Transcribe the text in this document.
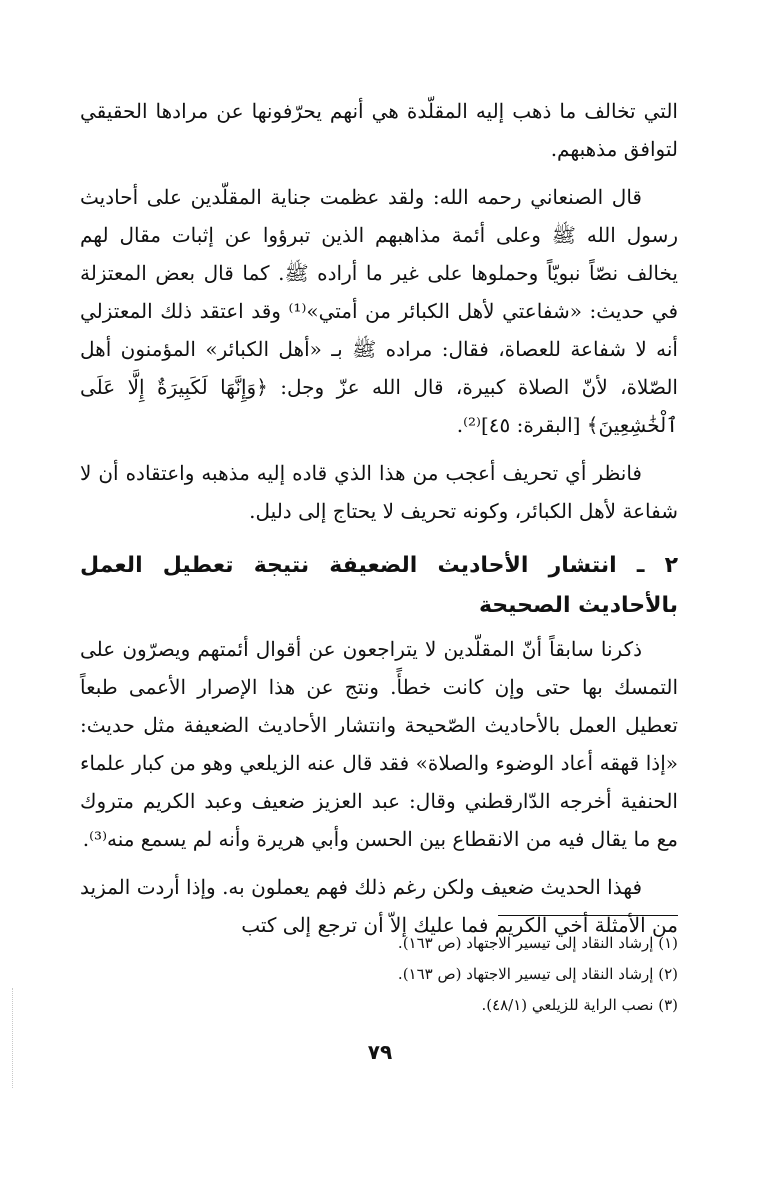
التي تخالف ما ذهب إليه المقلّدة هي أنهم يحرّفونها عن مرادها الحقيقي لتوافق مذهبهم.

قال الصنعاني رحمه الله: ولقد عظمت جناية المقلّدين على أحاديث رسول الله ﷺ وعلى أئمة مذاهبهم الذين تبرؤوا عن إثبات مقال لهم يخالف نصّاً نبويّاً وحملوها على غير ما أراده ﷺ. كما قال بعض المعتزلة في حديث: «شفاعتي لأهل الكبائر من أمتي»⁽¹⁾ وقد اعتقد ذلك المعتزلي أنه لا شفاعة للعصاة، فقال: مراده ﷺ بـ «أهل الكبائر» المؤمنون أهل الصّلاة، لأنّ الصلاة كبيرة، قال الله عزّ وجل: ﴿وَإِنَّهَا لَكَبِيرَةٌ إِلَّا عَلَى ٱلْخَٰشِعِينَ﴾ [البقرة: ٤٥]⁽²⁾.

فانظر أي تحريف أعجب من هذا الذي قاده إليه مذهبه واعتقاده أن لا شفاعة لأهل الكبائر، وكونه تحريف لا يحتاج إلى دليل.

٢ ـ انتشار الأحاديث الضعيفة نتيجة تعطيل العمل بالأحاديث الصحيحة

ذكرنا سابقاً أنّ المقلّدين لا يتراجعون عن أقوال أئمتهم ويصرّون على التمسك بها حتى وإن كانت خطأً. ونتج عن هذا الإصرار الأعمى طبعاً تعطيل العمل بالأحاديث الصّحيحة وانتشار الأحاديث الضعيفة مثل حديث: «إذا قهقه أعاد الوضوء والصلاة» فقد قال عنه الزيلعي وهو من كبار علماء الحنفية أخرجه الدّارقطني وقال: عبد العزيز ضعيف وعبد الكريم متروك مع ما يقال فيه من الانقطاع بين الحسن وأبي هريرة وأنه لم يسمع منه⁽³⁾.

فهذا الحديث ضعيف ولكن رغم ذلك فهم يعملون به. وإذا أردت المزيد من الأمثلة أخي الكريم فما عليك إلاّ أن ترجع إلى كتب

(١) إرشاد النقاد إلى تيسير الاجتهاد (ص ١٦٣).
(٢) إرشاد النقاد إلى تيسير الاجتهاد (ص ١٦٣).
(٣) نصب الراية للزيلعي (٤٨/١).
٧٩
